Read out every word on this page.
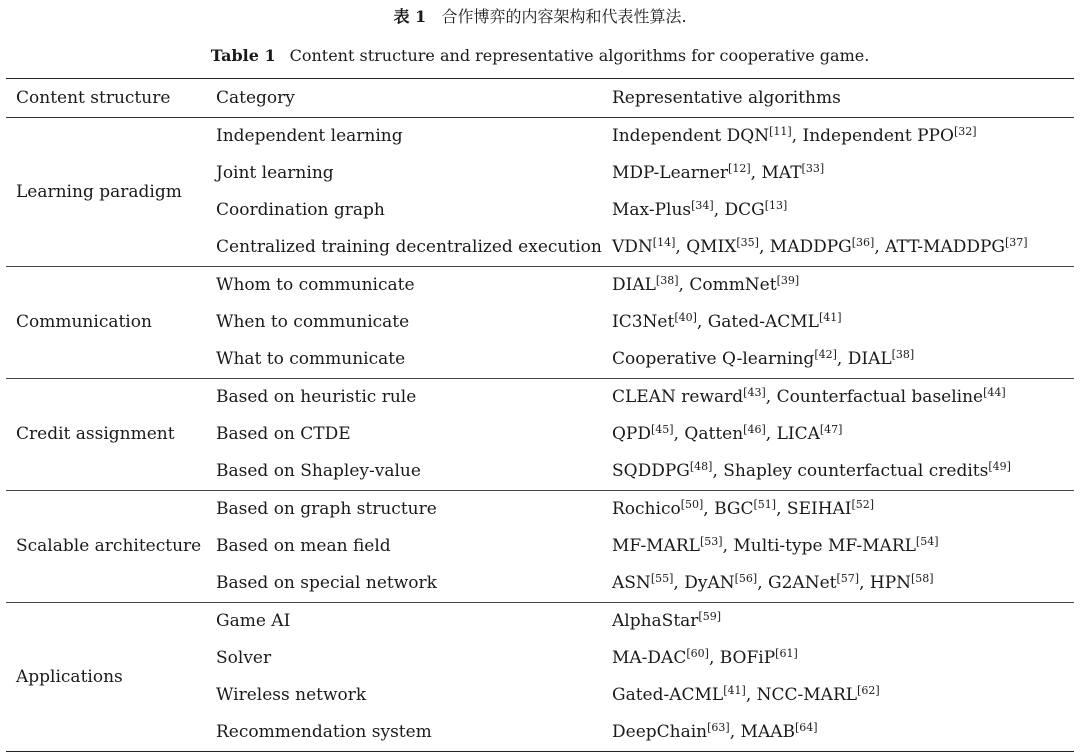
表 1 合作博弈的内容架构和代表性算法.
Table 1 Content structure and representative algorithms for cooperative game.
Content structure	Category	Representative algorithms
Learning paradigm	Independent learning	Independent DQN[11], Independent PPO[32]
	Joint learning	MDP-Learner[12], MAT[33]
	Coordination graph	Max-Plus[34], DCG[13]
	Centralized training decentralized execution	VDN[14], QMIX[35], MADDPG[36], ATT-MADDPG[37]
Communication	Whom to communicate	DIAL[38], CommNet[39]
	When to communicate	IC3Net[40], Gated-ACML[41]
	What to communicate	Cooperative Q-learning[42], DIAL[38]
Credit assignment	Based on heuristic rule	CLEAN reward[43], Counterfactual baseline[44]
	Based on CTDE	QPD[45], Qatten[46], LICA[47]
	Based on Shapley-value	SQDDPG[48], Shapley counterfactual credits[49]
Scalable architecture	Based on graph structure	Rochico[50], BGC[51], SEIHAI[52]
	Based on mean field	MF-MARL[53], Multi-type MF-MARL[54]
	Based on special network	ASN[55], DyAN[56], G2ANet[57], HPN[58]
Applications	Game AI	AlphaStar[59]
	Solver	MA-DAC[60], BOFiP[61]
	Wireless network	Gated-ACML[41], NCC-MARL[62]
	Recommendation system	DeepChain[63], MAAB[64]
